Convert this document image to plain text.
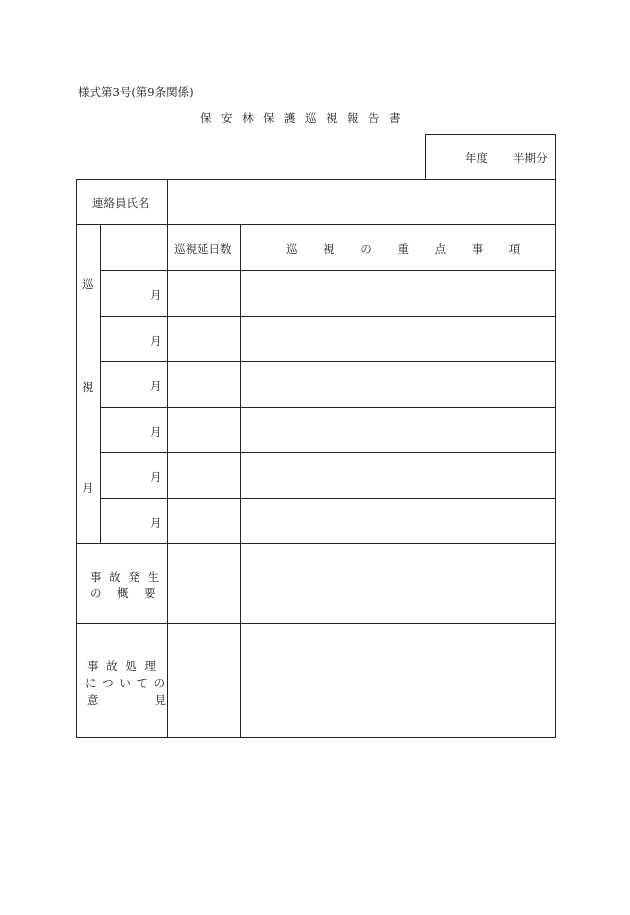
様式第3号(第9条関係)
保安林保護巡視報告書
年度 半期分
連絡員氏名
巡
視
月
巡視延日数	巡 視 の 重 点 事 項
月
月
月
月
月
月
事 故 発 生
の　概　要
事 故 処 理
に つ い て の
意　　　　見
